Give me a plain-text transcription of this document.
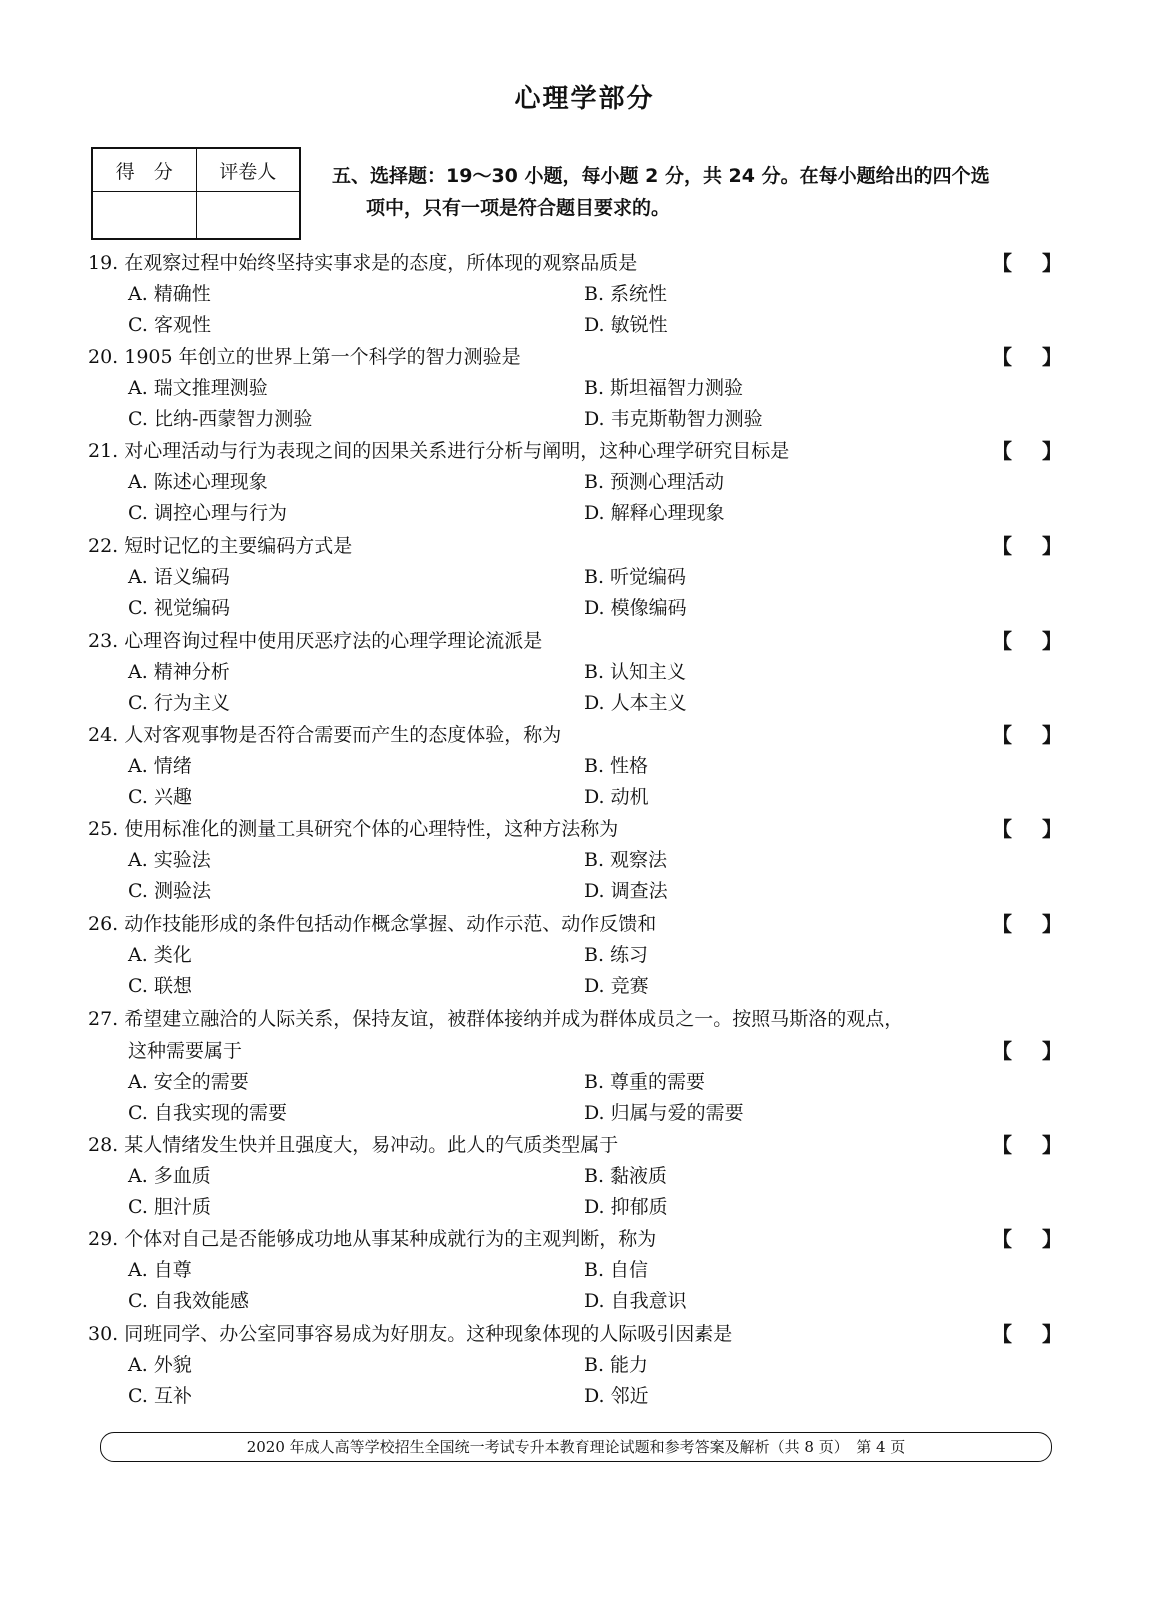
心理学部分
得　分	评卷人
		五、选择题：19～30 小题，每小题 2 分，共 24 分。在每小题给出的四个选
项中，只有一项是符合题目要求的。
19. 在观察过程中始终坚持实事求是的态度，所体现的观察品质是	【 】
A. 精确性	B. 系统性
C. 客观性	D. 敏锐性
20. 1905 年创立的世界上第一个科学的智力测验是	【 】
A. 瑞文推理测验	B. 斯坦福智力测验
C. 比纳-西蒙智力测验	D. 韦克斯勒智力测验
21. 对心理活动与行为表现之间的因果关系进行分析与阐明，这种心理学研究目标是	【 】
A. 陈述心理现象	B. 预测心理活动
C. 调控心理与行为	D. 解释心理现象
22. 短时记忆的主要编码方式是	【 】
A. 语义编码	B. 听觉编码
C. 视觉编码	D. 模像编码
23. 心理咨询过程中使用厌恶疗法的心理学理论流派是	【 】
A. 精神分析	B. 认知主义
C. 行为主义	D. 人本主义
24. 人对客观事物是否符合需要而产生的态度体验，称为	【 】
A. 情绪	B. 性格
C. 兴趣	D. 动机
25. 使用标准化的测量工具研究个体的心理特性，这种方法称为	【 】
A. 实验法	B. 观察法
C. 测验法	D. 调查法
26. 动作技能形成的条件包括动作概念掌握、动作示范、动作反馈和	【 】
A. 类化	B. 练习
C. 联想	D. 竞赛
27. 希望建立融洽的人际关系，保持友谊，被群体接纳并成为群体成员之一。按照马斯洛的观点，
这种需要属于	【 】
A. 安全的需要	B. 尊重的需要
C. 自我实现的需要	D. 归属与爱的需要
28. 某人情绪发生快并且强度大，易冲动。此人的气质类型属于	【 】
A. 多血质	B. 黏液质
C. 胆汁质	D. 抑郁质
29. 个体对自己是否能够成功地从事某种成就行为的主观判断，称为	【 】
A. 自尊	B. 自信
C. 自我效能感	D. 自我意识
30. 同班同学、办公室同事容易成为好朋友。这种现象体现的人际吸引因素是	【 】
A. 外貌	B. 能力
C. 互补	D. 邻近
2020 年成人高等学校招生全国统一考试专升本教育理论试题和参考答案及解析（共 8 页）　第 4 页
